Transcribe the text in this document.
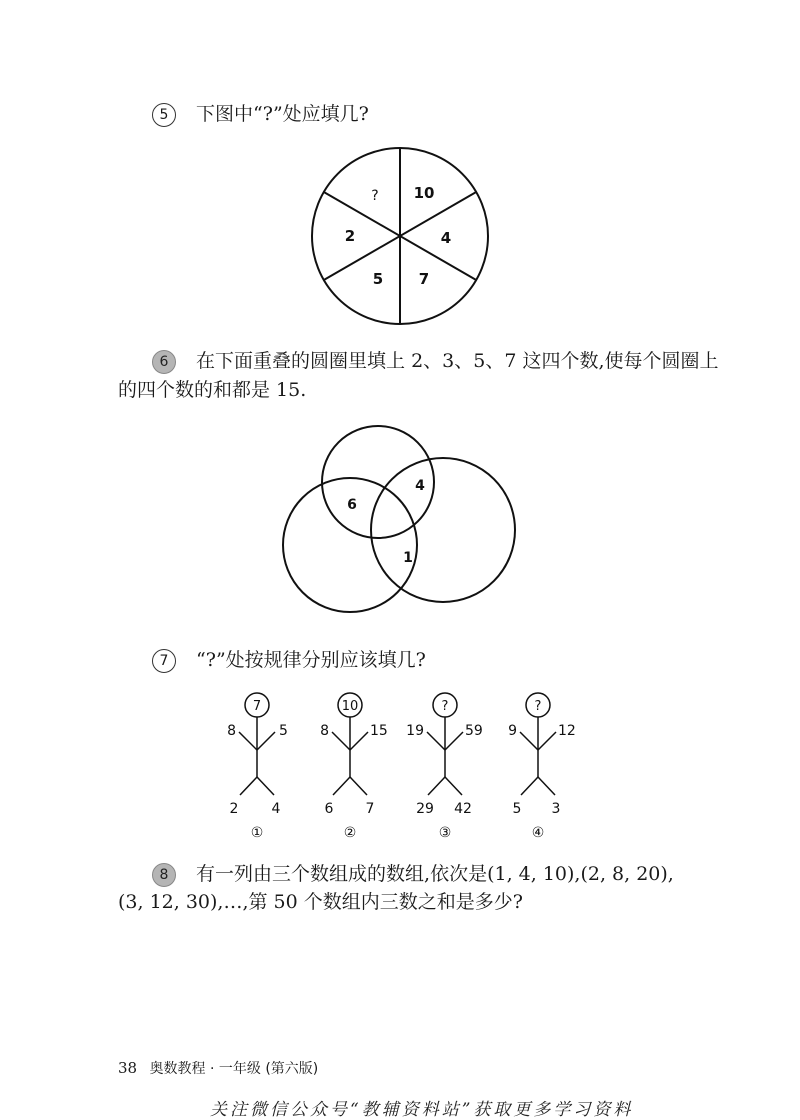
5 下图中“?”处应填几?
? 10
4
7
5
2
6 在下面重叠的圆圈里填上 2、3、5、7 这四个数,使每个圆圈上
的四个数的和都是 15.
6
4
1
7 “?”处按规律分别应该填几?
7
8	5
2 4
①
10
8	15
6 7
②
?
19	59
29 42
③
?
9	12
5 3
④
8 有一列由三个数组成的数组,依次是(1, 4, 10),(2, 8, 20),
(3, 12, 30),…,第 50 个数组内三数之和是多少?
38 奥数教程 · 一年级 (第六版)
关注微信公众号“教辅资料站”获取更多学习资料
